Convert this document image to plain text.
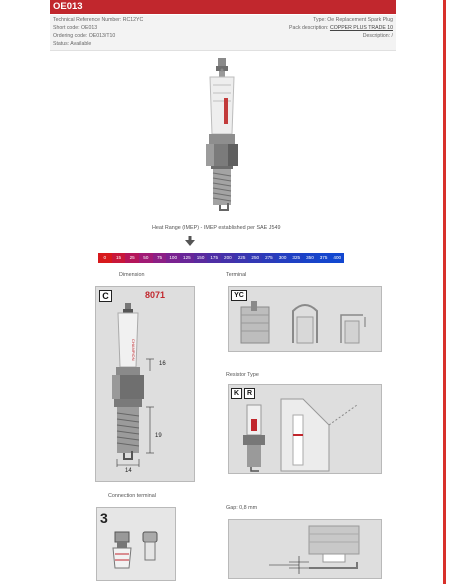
OE013
Technical Reference Number: RC12YC	Type: Oe Replacement Spark Plug
Short code: OE013	Pack description: COPPER PLUS TRADE 10
Ordering code: OE013/T10	Description: /
Status: Available
Heat Range (IMEP) - IMEP established per SAE J549
0	15	25	50	75	100	125	150	175	200	225	250	275	300	325	350	375	400
Dimension
C	8071
CHAMPION
16
19
14
Terminal
YC
Resistor Type
K	R
Connection terminal
3
Gap: 0,8 mm
